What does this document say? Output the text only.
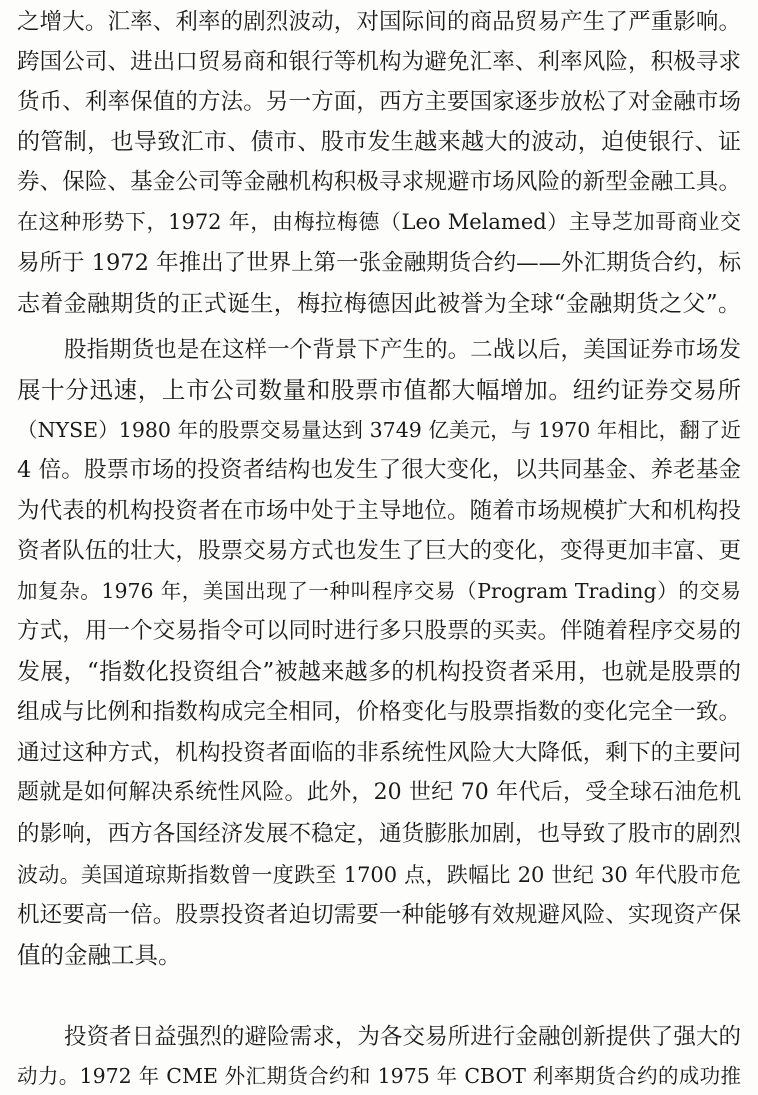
之增大。汇率、利率的剧烈波动，对国际间的商品贸易产生了严重影响。
跨国公司、进出口贸易商和银行等机构为避免汇率、利率风险，积极寻求
货币、利率保值的方法。另一方面，西方主要国家逐步放松了对金融市场
的管制，也导致汇市、债市、股市发生越来越大的波动，迫使银行、证
券、保险、基金公司等金融机构积极寻求规避市场风险的新型金融工具。
在这种形势下，1972 年，由梅拉梅德（Leo Melamed）主导芝加哥商业交
易所于 1972 年推出了世界上第一张金融期货合约——外汇期货合约，标
志着金融期货的正式诞生，梅拉梅德因此被誉为全球“金融期货之父”。
股指期货也是在这样一个背景下产生的。二战以后，美国证券市场发
展十分迅速，上市公司数量和股票市值都大幅增加。纽约证券交易所
（NYSE）1980 年的股票交易量达到 3749 亿美元，与 1970 年相比，翻了近
4 倍。股票市场的投资者结构也发生了很大变化，以共同基金、养老基金
为代表的机构投资者在市场中处于主导地位。随着市场规模扩大和机构投
资者队伍的壮大，股票交易方式也发生了巨大的变化，变得更加丰富、更
加复杂。1976 年，美国出现了一种叫程序交易（Program Trading）的交易
方式，用一个交易指令可以同时进行多只股票的买卖。伴随着程序交易的
发展，“指数化投资组合”被越来越多的机构投资者采用，也就是股票的
组成与比例和指数构成完全相同，价格变化与股票指数的变化完全一致。
通过这种方式，机构投资者面临的非系统性风险大大降低，剩下的主要问
题就是如何解决系统性风险。此外，20 世纪 70 年代后，受全球石油危机
的影响，西方各国经济发展不稳定，通货膨胀加剧，也导致了股市的剧烈
波动。美国道琼斯指数曾一度跌至 1700 点，跌幅比 20 世纪 30 年代股市危
机还要高一倍。股票投资者迫切需要一种能够有效规避风险、实现资产保
值的金融工具。
投资者日益强烈的避险需求，为各交易所进行金融创新提供了强大的
动力。1972 年 CME 外汇期货合约和 1975 年 CBOT 利率期货合约的成功推
